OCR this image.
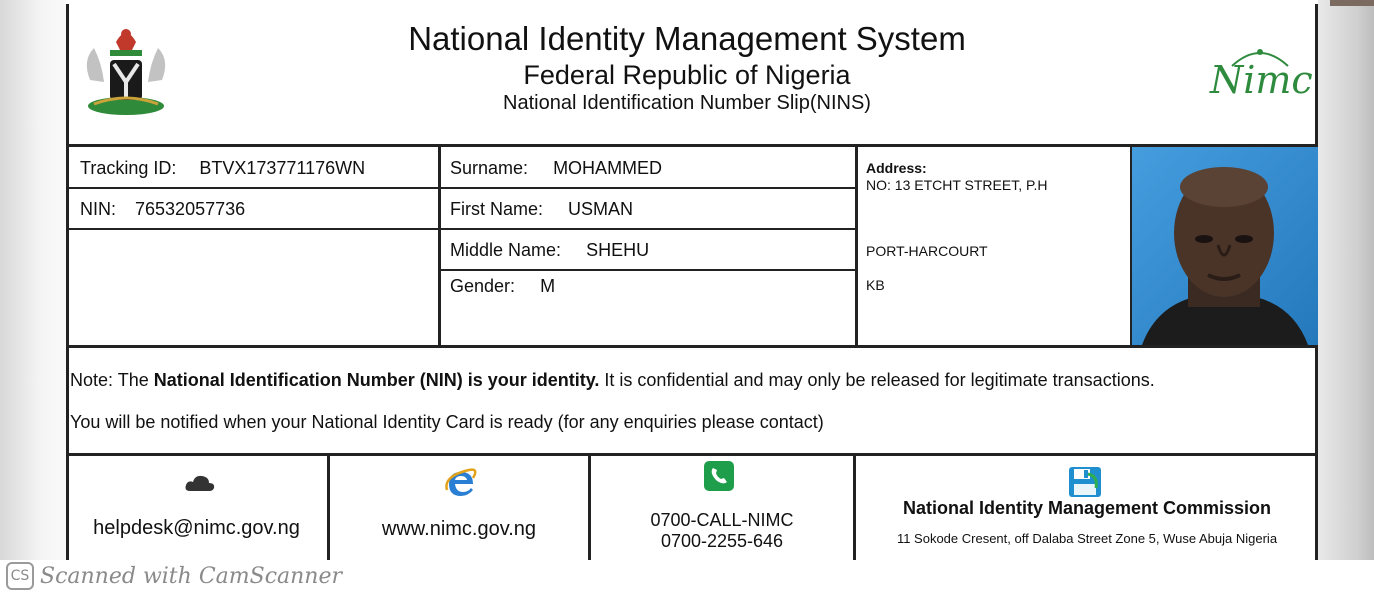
National Identity Management System
Federal Republic of Nigeria
National Identification Number Slip(NINS)
Nimc
Tracking ID: BTVX173771176WN
NIN: 76532057736
Surname: MOHAMMED
First Name: USMAN
Middle Name: SHEHU
Gender: M
Address:
NO: 13 ETCHT STREET, P.H
PORT-HARCOURT
KB
Note: The National Identification Number (NIN) is your identity. It is confidential and may only be released for legitimate transactions.
You will be notified when your National Identity Card is ready (for any enquiries please contact)
helpdesk@nimc.gov.ng	www.nimc.gov.ng	0700-CALL-NIMC
0700-2255-646
National Identity Management Commission
11 Sokode Cresent, off Dalaba Street Zone 5, Wuse Abuja Nigeria
CS Scanned with CamScanner
